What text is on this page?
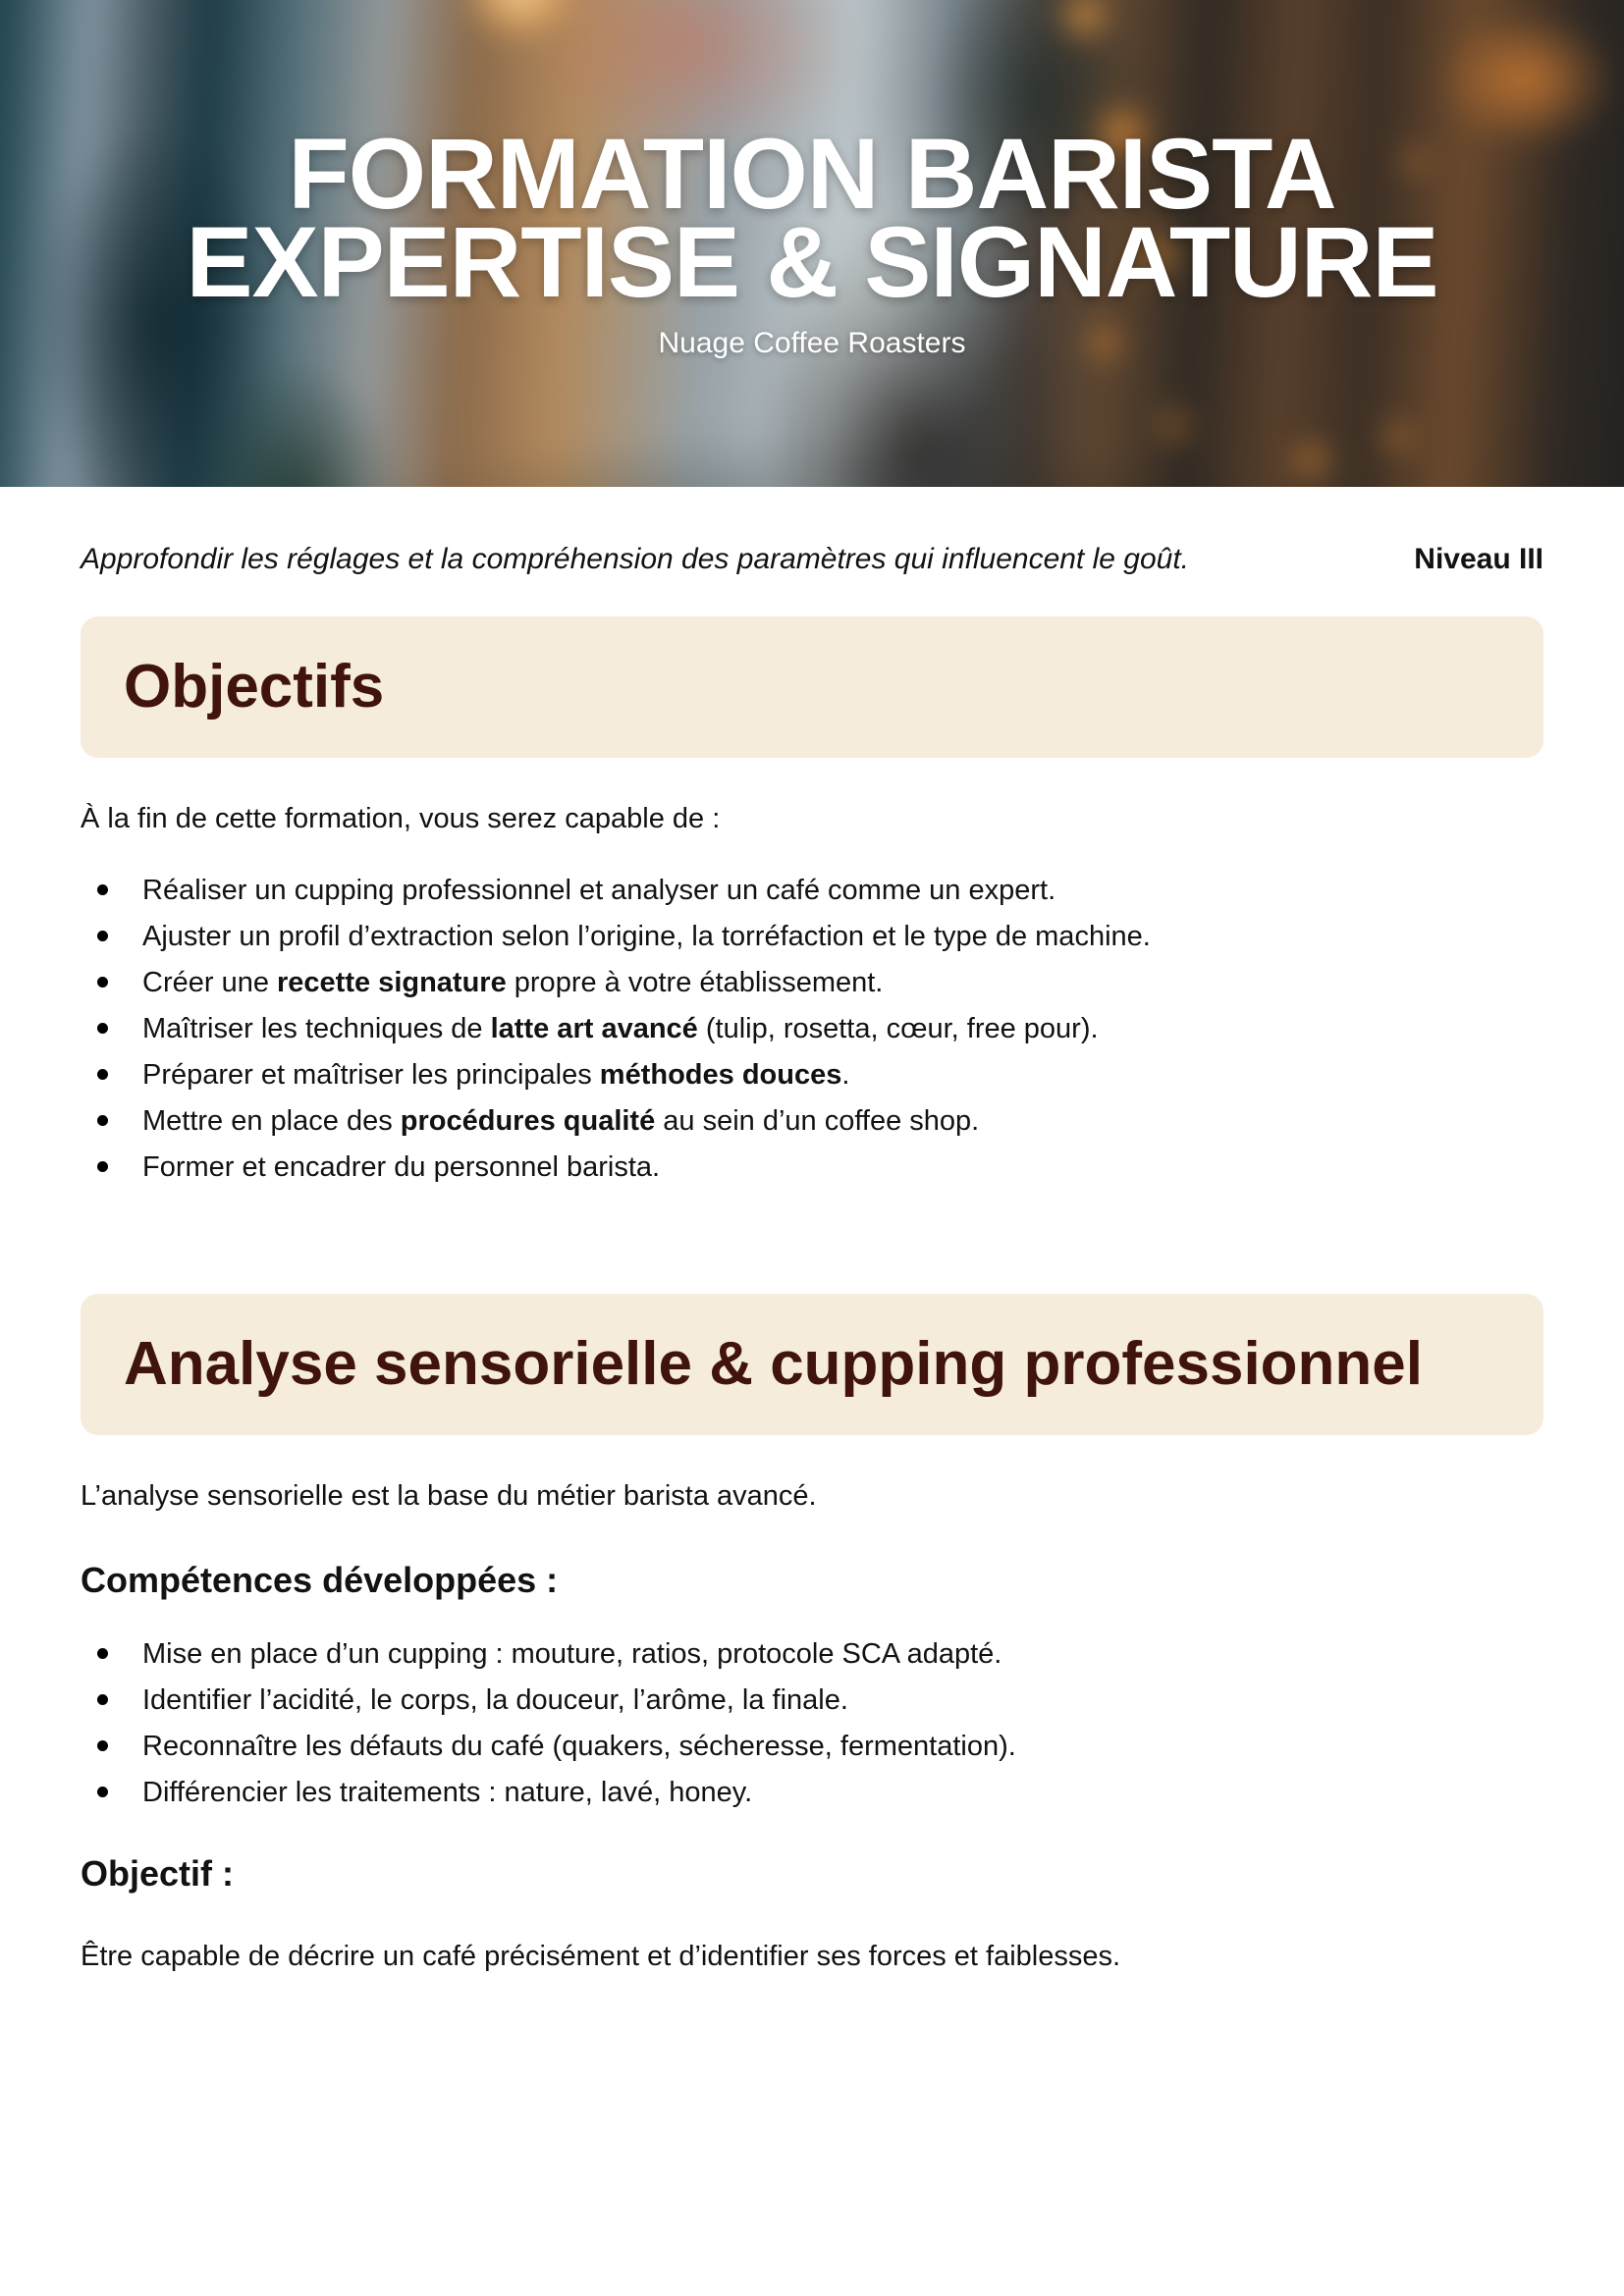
FORMATION BARISTA
EXPERTISE & SIGNATURE

Nuage Coffee Roasters

Approfondir les réglages et la compréhension des paramètres qui influencent le goût.	Niveau III

Objectifs

À la fin de cette formation, vous serez capable de :

Réaliser un cupping professionnel et analyser un café comme un expert.
Ajuster un profil d’extraction selon l’origine, la torréfaction et le type de machine.
Créer une recette signature propre à votre établissement.
Maîtriser les techniques de latte art avancé (tulip, rosetta, cœur, free pour).
Préparer et maîtriser les principales méthodes douces.
Mettre en place des procédures qualité au sein d’un coffee shop.
Former et encadrer du personnel barista.
Analyse sensorielle & cupping professionnel

L’analyse sensorielle est la base du métier barista avancé.

Compétences développées :
Mise en place d’un cupping : mouture, ratios, protocole SCA adapté.
Identifier l’acidité, le corps, la douceur, l’arôme, la finale.
Reconnaître les défauts du café (quakers, sécheresse, fermentation).
Différencier les traitements : nature, lavé, honey.
Objectif :

Être capable de décrire un café précisément et d’identifier ses forces et faiblesses.
